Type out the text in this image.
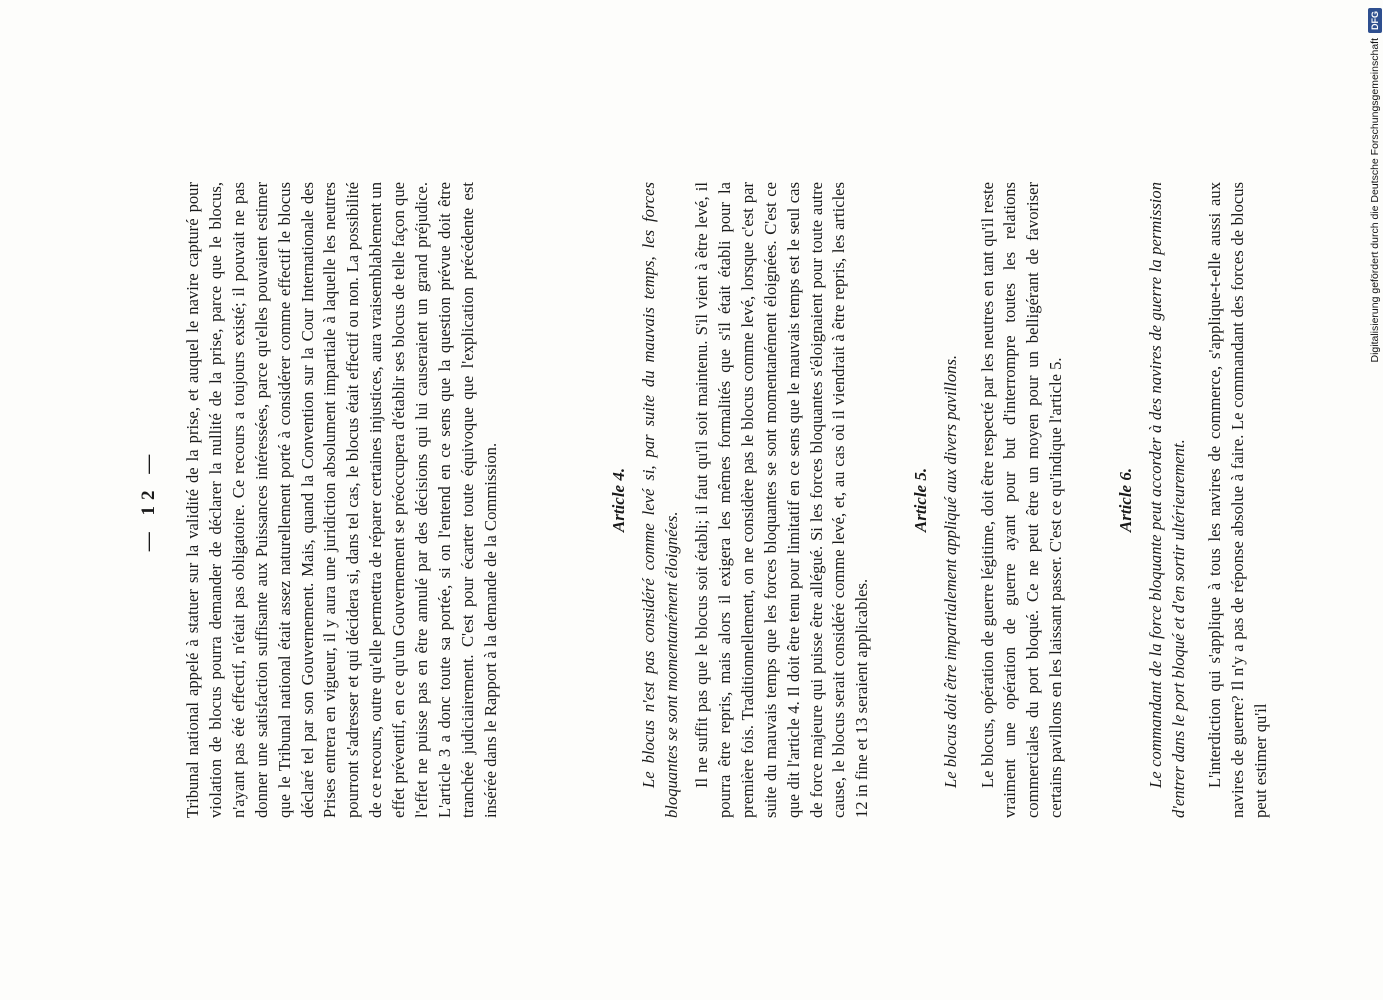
— 12 — Tribunal national appelé à statuer sur la validité de la prise, et auquel le navire capturé pour violation de blocus pourra demander de déclarer la nullité de la prise, parce que le blocus, n'ayant pas été effectif, n'était pas obligatoire. Ce recours a toujours existé; il pouvait ne pas donner une satisfaction suffisante aux Puissances intéressées, parce qu'elles pouvaient estimer que le Tribunal national était assez naturellement porté à considérer comme effectif le blocus déclaré tel par son Gouvernement. Mais, quand la Convention sur la Cour Internationale des Prises entrera en vigueur, il y aura une juridiction absolument impartiale à laquelle les neutres pourront s'adresser et qui décidera si, dans tel cas, le blocus était effectif ou non. La possibilité de ce recours, outre qu'elle permettra de réparer certaines injustices, aura vraisemblablement un effet préventif, en ce qu'un Gouvernement se préoccupera d'établir ses blocus de telle façon que l'effet ne puisse pas en être annulé par des décisions qui lui causeraient un grand préjudice. L'article 3 a donc toute sa portée, si on l'entend en ce sens que la question prévue doit être tranchée judiciairement. C'est pour écarter toute équivoque que l'explication précédente est insérée dans le Rapport à la demande de la Commission.	Article 4. Le blocus n'est pas considéré comme levé si, par suite du mauvais temps, les forces bloquantes se sont momentanément éloignées. Il ne suffit pas que le blocus soit établi; il faut qu'il soit maintenu. S'il vient à être levé, il pourra être repris, mais alors il exigera les mêmes formalités que s'il était établi pour la première fois. Traditionnellement, on ne considère pas le blocus comme levé, lorsque c'est par suite du mauvais temps que les forces bloquantes se sont momentanément éloignées. C'est ce que dit l'article 4. Il doit être tenu pour limitatif en ce sens que le mauvais temps est le seul cas de force majeure qui puisse être allégué. Si les forces bloquantes s'éloignaient pour toute autre cause, le blocus serait considéré comme levé, et, au cas où il viendrait à être repris, les articles 12 in fine et 13 seraient applicables.

Article 5. Le blocus doit être impartialement appliqué aux divers pavillons. Le blocus, opération de guerre légitime, doit être respecté par les neutres en tant qu'il reste vraiment une opération de guerre ayant pour but d'interrompre toutes les relations commerciales du port bloqué. Ce ne peut être un moyen pour un belligérant de favoriser certains pavillons en les laissant passer. C'est ce qu'indique l'article 5.	Article 6. Le commandant de la force bloquante peut accorder à des navires de guerre la permission d'entrer dans le port bloqué et d'en sortir ultérieurement. L'interdiction qui s'applique à tous les navires de commerce, s'applique-t-elle aussi aux navires de guerre? Il n'y a pas de réponse absolue à faire. Le commandant des forces de blocus peut estimer qu'il

Digitalisierung gefördert durch die Deutsche Forschungsgemeinschaft
DFG
